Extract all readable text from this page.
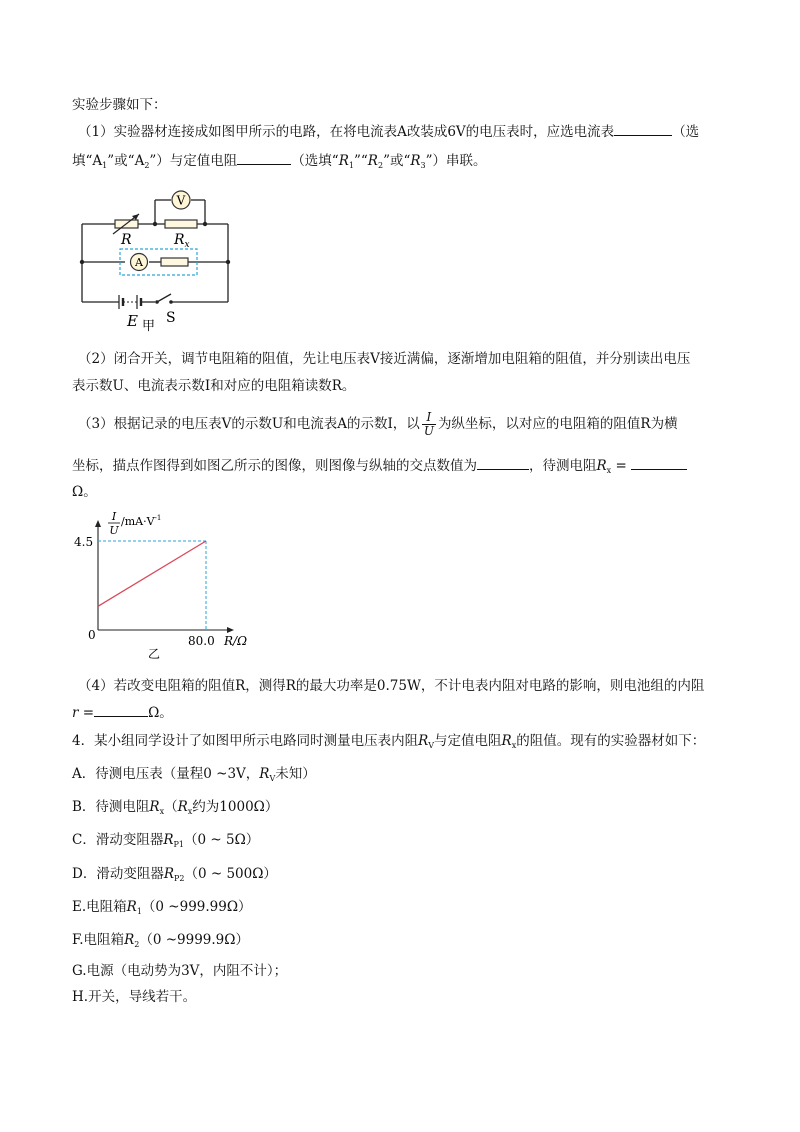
实验步骤如下：
（1）实验器材连接成如图甲所示的电路，在将电流表A改装成6V的电压表时，应选电流表	（选
填“$A_1$”或“$A_2$”）与定值电阻	（选填“$R_1”“R_2$”或“$R_3$”）串联。
V
A
R	$R_x$
E 甲
S
（2）闭合开关，调节电阻箱的阻值，先让电压表V接近满偏，逐渐增加电阻箱的阻值，并分别读出电压
表示数U、电流表示数I和对应的电阻箱读数R。
（3）根据记录的电压表V的示数U和电流表A的示数I，以 $\frac{I}{U}$ 为纵坐标，以对应的电阻箱的阻值R为横
坐标，描点作图得到如图乙所示的图像，则图像与纵轴的交点数值为	，待测电阻$R_x$ =
Ω。
I
U
$/mA\cdot V^{-1}$
4.5
0	80.0 R/Ω
乙
（4）若改变电阻箱的阻值R，测得R的最大功率是0.75W，不计电表内阻对电路的影响，则电池组的内阻
r =	Ω。
4．某小组同学设计了如图甲所示电路同时测量电压表内阻$R_V$与定值电阻$R_x$的阻值。现有的实验器材如下：
A．待测电压表（量程0 ~3V，$R_V$未知）
B．待测电阻$R_x(R_x$约为1000Ω）
C．滑动变阻器$R_{P1}(0$ ~ 5Ω）
D．滑动变阻器$R_{P2}(0$ ~ 500Ω）
E.电阻箱$R_1(0$ ~999.99Ω）
F.电阻箱$R_2(0$ ~9999.9Ω）
G.电源（电动势为3V，内阻不计）；
H.开关，导线若干。
